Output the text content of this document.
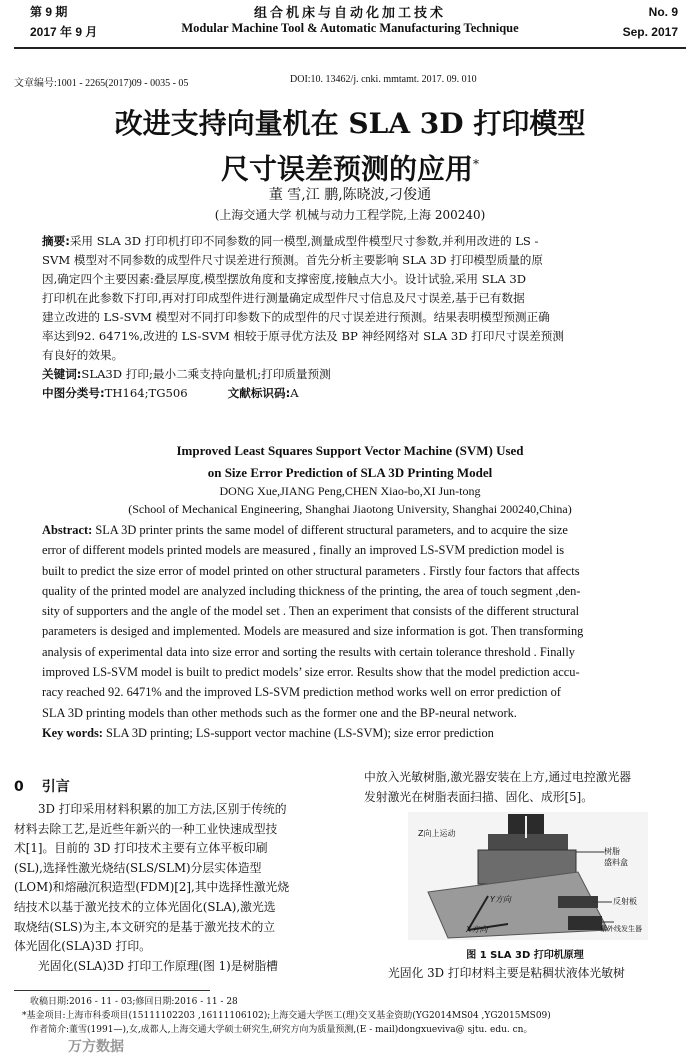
第 9 期
2017 年 9 月
组合机床与自动化加工技术
Modular Machine Tool & Automatic Manufacturing Technique
No. 9
Sep. 2017
文章编号:1001 - 2265(2017)09 - 0035 - 05	DOI:10. 13462/j. cnki. mmtamt. 2017. 09. 010
改进支持向量机在 SLA 3D 打印模型
尺寸误差预测的应用*
董 雪,江 鹏,陈晓波,刁俊通
(上海交通大学 机械与动力工程学院,上海 200240)
摘要:采用 SLA 3D 打印机打印不同参数的同一模型,测量成型件模型尺寸参数,并利用改进的 LS -
SVM 模型对不同参数的成型件尺寸误差进行预测。首先分析主要影响 SLA 3D 打印模型质量的原
因,确定四个主要因素:叠层厚度,模型摆放角度和支撑密度,接触点大小。设计试验,采用 SLA 3D
打印机在此参数下打印,再对打印成型件进行测量确定成型件尺寸信息及尺寸误差,基于已有数据
建立改进的 LS-SVM 模型对不同打印参数下的成型件的尺寸误差进行预测。结果表明模型预测正确
率达到92. 6471%,改进的 LS-SVM 相较于原寻优方法及 BP 神经网络对 SLA 3D 打印尺寸误差预测
有良好的效果。
关键词:SLA3D 打印;最小二乘支持向量机;打印质量预测
中图分类号:TH164;TG506	文献标识码:A
Improved Least Squares Support Vector Machine (SVM) Used
on Size Error Prediction of SLA 3D Printing Model
DONG Xue,JIANG Peng,CHEN Xiao-bo,XI Jun-tong
(School of Mechanical Engineering, Shanghai Jiaotong University, Shanghai 200240,China)
Abstract: SLA 3D printer prints the same model of different structural parameters, and to acquire the size
error of different models printed models are measured , finally an improved LS-SVM prediction model is
built to predict the size error of model printed on other structural parameters . Firstly four factors that affects
quality of the printed model are analyzed including thickness of the printing, the area of touch segment ,den-
sity of supporters and the angle of the model set . Then an experiment that consists of the different structural
parameters is desiged and implemented. Models are measured and size information is got. Then transforming
analysis of experimental data into size error and sorting the results with certain tolerance threshold . Finally
improved LS-SVM model is built to predict models’ size error. Results show that the model prediction accu-
racy reached 92. 6471% and the improved LS-SVM prediction method works well on error prediction of
SLA 3D printing models than other methods such as the former one and the BP-neural network.
Key words: SLA 3D printing; LS-support vector machine (LS-SVM); size error prediction
0 引言
3D 打印采用材料积累的加工方法,区别于传统的
材料去除工艺,是近些年新兴的一种工业快速成型技
术[1]。目前的 3D 打印技术主要有立体平板印刷
(SL),选择性激光烧结(SLS/SLM)分层实体造型
(LOM)和熔融沉积造型(FDM)[2],其中选择性激光烧
结技术以基于激光技术的立体光固化(SLA),激光选
取烧结(SLS)为主,本文研究的是基于激光技术的立
体光固化(SLA)3D 打印。
光固化(SLA)3D 打印工作原理(图 1)是树脂槽
中放入光敏树脂,激光器安装在上方,通过电控激光器
发射激光在树脂表面扫描、固化、成形[5]。
Z向上运动
树脂
盛料盒
Y方向
X方向
反射板
紫外线发生器
图 1 SLA 3D 打印机原理
光固化 3D 打印材料主要是粘稠状液体光敏树
收稿日期:2016 - 11 - 03;修回日期:2016 - 11 - 28
*基金项目:上海市科委项目(15111102203 ,16111106102);上海交通大学医工(理)交叉基金资助(YG2014MS04 ,YG2015MS09)
作者简介:董雪(1991—),女,成都人,上海交通大学硕士研究生,研究方向为质量预测,(E - mail)dongxueviva@ sjtu. edu. cn。
万方数据
